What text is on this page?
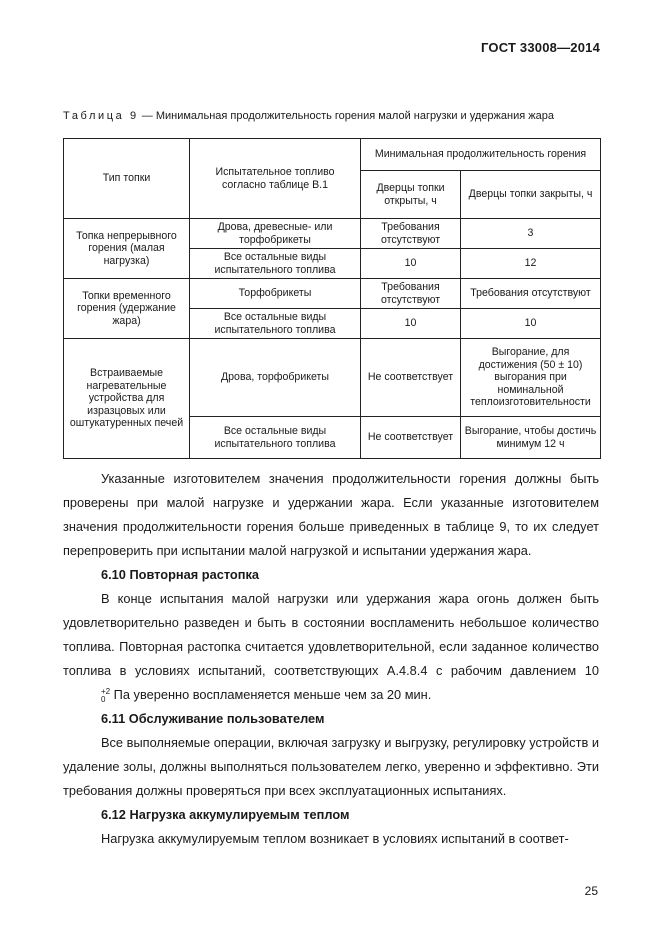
ГОСТ 33008—2014
Таблица 9 — Минимальная продолжительность горения малой нагрузки и удержания жара
Тип топки	Испытательное топливо согласно таблице В.1	Минимальная продолжительность горения	
		Дверцы топки открыты, ч	Дверцы топки закрыты, ч
Топка непрерывного горения (малая нагрузка)	Дрова, древесные- или торфобрикеты	Требования отсутствуют	3
	Все остальные виды испытательного топлива	10	12
Топки временного горения (удержание жара)	Торфобрикеты	Требования отсутствуют	Требования отсутствуют
	Все остальные виды испытательного топлива	10	10
Встраиваемые нагревательные устройства для изразцовых или оштукатуренных печей	Дрова, торфобрикеты	Не соответствует	Выгорание, для достижения (50 ± 10) выгорания при номинальной теплоизготовительности
	Все остальные виды испытательного топлива	Не соответствует	Выгорание, чтобы достичь минимум 12 ч

Указанные изготовителем значения продолжительности горения должны быть проверены при малой нагрузке и удержании жара. Если указанные изготовителем значения продолжительности горения больше приведенных в таблице 9, то их следует перепроверить при испытании малой нагрузкой и испытании удержания жара.

6.10 Повторная растопка

В конце испытания малой нагрузки или удержания жара огонь должен быть удовлетворительно разведен и быть в состоянии воспламенить небольшое количество топлива. Повторная растопка считается удовлетворительной, если заданное количество топлива в условиях испытаний, соответствующих А.4.8.4 с рабочим давлением 10
+2
0 Па уверенно воспламеняется меньше чем за 20 мин.

6.11 Обслуживание пользователем

Все выполняемые операции, включая загрузку и выгрузку, регулировку устройств и удаление золы, должны выполняться пользователем легко, уверенно и эффективно. Эти требования должны проверяться при всех эксплуатационных испытаниях.

6.12 Нагрузка аккумулируемым теплом

Нагрузка аккумулируемым теплом возникает в условиях испытаний в соответ-

25
